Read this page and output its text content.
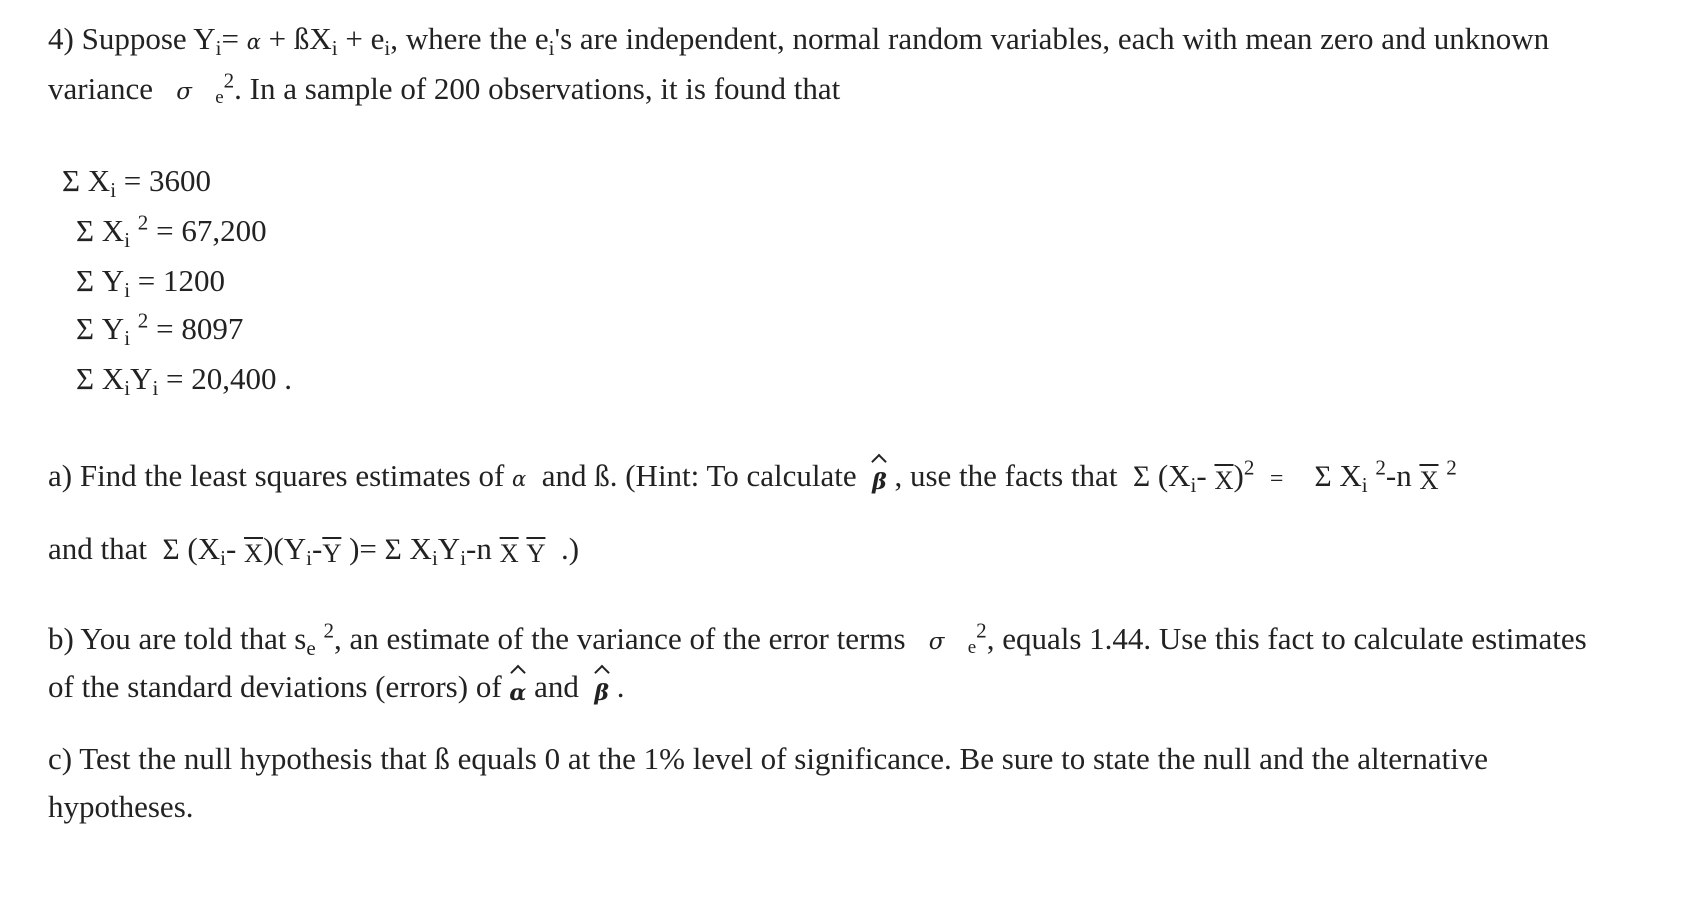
4) Suppose $Y_i= \alpha$ + $ßX_i + e_i$, where the $e_i's$ are independent, normal random variables, each with mean zero and unknown
variance σ $e^2$. In a sample of 200 observations, it is found that
Σ $X_i = 3600$
Σ $X_i$ $^2$ = 67,200
Σ $Y_i = 1200$
Σ $Y_i$ $^2$ = 8097
Σ $X_iY_i = 20,400$ .
a) Find the least squares estimates of α and ß. (Hint: To calculate β , use the facts that Σ ($X_i-$ $\overline{X})^2 = \Sigma$ $X_i$ $^2$-n $\overline{X}$ $^2$
and that Σ ($X_i-$ $\overline{X})(Y_i-\overline{Y}$ )= Σ $X_iY_i-n$ $\overline{X}$ $\overline{Y}$  .)
b) You are told that $s_e$ $^2$, an estimate of the variance of the error terms σ $e^2$, equals 1.44. Use this fact to calculate estimates
of the standard deviations (errors) of α and β .
c) Test the null hypothesis that ß equals 0 at the 1% level of significance. Be sure to state the null and the alternative
hypotheses.
